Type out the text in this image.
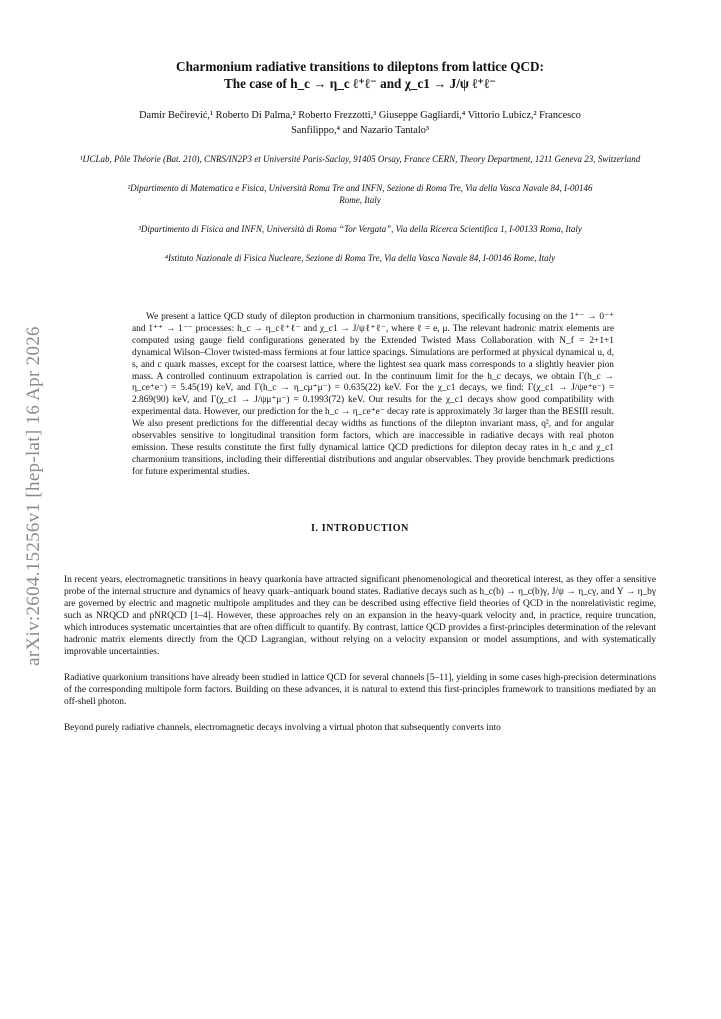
arXiv:2604.15256v1 [hep-lat] 16 Apr 2026
Charmonium radiative transitions to dileptons from lattice QCD:
The case of h_c → η_c ℓ⁺ℓ⁻ and χ_c1 → J/ψ ℓ⁺ℓ⁻
Damir Bečirević,¹ Roberto Di Palma,² Roberto Frezzotti,³ Giuseppe Gagliardi,⁴ Vittorio Lubicz,² Francesco Sanfilippo,⁴ and Nazario Tantalo³
¹IJCLab, Pôle Théorie (Bat. 210), CNRS/IN2P3 et Université Paris-Saclay, 91405 Orsay, France CERN, Theory Department, 1211 Geneva 23, Switzerland
²Dipartimento di Matematica e Fisica, Università Roma Tre and INFN, Sezione di Roma Tre, Via della Vasca Navale 84, I-00146 Rome, Italy
³Dipartimento di Fisica and INFN, Università di Roma “Tor Vergata”, Via della Ricerca Scientifica 1, I-00133 Roma, Italy
⁴Istituto Nazionale di Fisica Nucleare, Sezione di Roma Tre, Via della Vasca Navale 84, I-00146 Rome, Italy
We present a lattice QCD study of dilepton production in charmonium transitions, specifically focusing on the 1⁺⁻ → 0⁻⁺ and 1⁺⁺ → 1⁻⁻ processes: h_c → η_cℓ⁺ℓ⁻ and χ_c1 → J/ψℓ⁺ℓ⁻, where ℓ = e, μ. The relevant hadronic matrix elements are computed using gauge field configurations generated by the Extended Twisted Mass Collaboration with N_f = 2+1+1 dynamical Wilson–Clover twisted-mass fermions at four lattice spacings. Simulations are performed at physical dynamical u, d, s, and c quark masses, except for the coarsest lattice, where the lightest sea quark mass corresponds to a slightly heavier pion mass. A controlled continuum extrapolation is carried out. In the continuum limit for the h_c decays, we obtain Γ(h_c → η_ce⁺e⁻) = 5.45(19) keV, and Γ(h_c → η_cμ⁺μ⁻) = 0.635(22) keV. For the χ_c1 decays, we find: Γ(χ_c1 → J/ψe⁺e⁻) = 2.869(90) keV, and Γ(χ_c1 → J/ψμ⁺μ⁻) = 0.1993(72) keV. Our results for the χ_c1 decays show good compatibility with experimental data. However, our prediction for the h_c → η_ce⁺e⁻ decay rate is approximately 3σ larger than the BESIII result. We also present predictions for the differential decay widths as functions of the dilepton invariant mass, q², and for angular observables sensitive to longitudinal transition form factors, which are inaccessible in radiative decays with real photon emission. These results constitute the first fully dynamical lattice QCD predictions for dilepton decay rates in h_c and χ_c1 charmonium transitions, including their differential distributions and angular observables. They provide benchmark predictions for future experimental studies.
I. INTRODUCTION
In recent years, electromagnetic transitions in heavy quarkonia have attracted significant phenomenological and theoretical interest, as they offer a sensitive probe of the internal structure and dynamics of heavy quark–antiquark bound states. Radiative decays such as h_c(b) → η_c(b)γ, J/ψ → η_cγ, and Υ → η_bγ are governed by electric and magnetic multipole amplitudes and they can be described using effective field theories of QCD in the nonrelativistic regime, such as NRQCD and pNRQCD [1–4]. However, these approaches rely on an expansion in the heavy-quark velocity and, in practice, require truncation, which introduces systematic uncertainties that are often difficult to quantify. By contrast, lattice QCD provides a first-principles determination of the relevant hadronic matrix elements directly from the QCD Lagrangian, without relying on a velocity expansion or model assumptions, and with systematically improvable uncertainties.
Radiative quarkonium transitions have already been studied in lattice QCD for several channels [5–11], yielding in some cases high-precision determinations of the corresponding multipole form factors. Building on these advances, it is natural to extend this first-principles framework to transitions mediated by an off-shell photon.
Beyond purely radiative channels, electromagnetic decays involving a virtual photon that subsequently converts into
